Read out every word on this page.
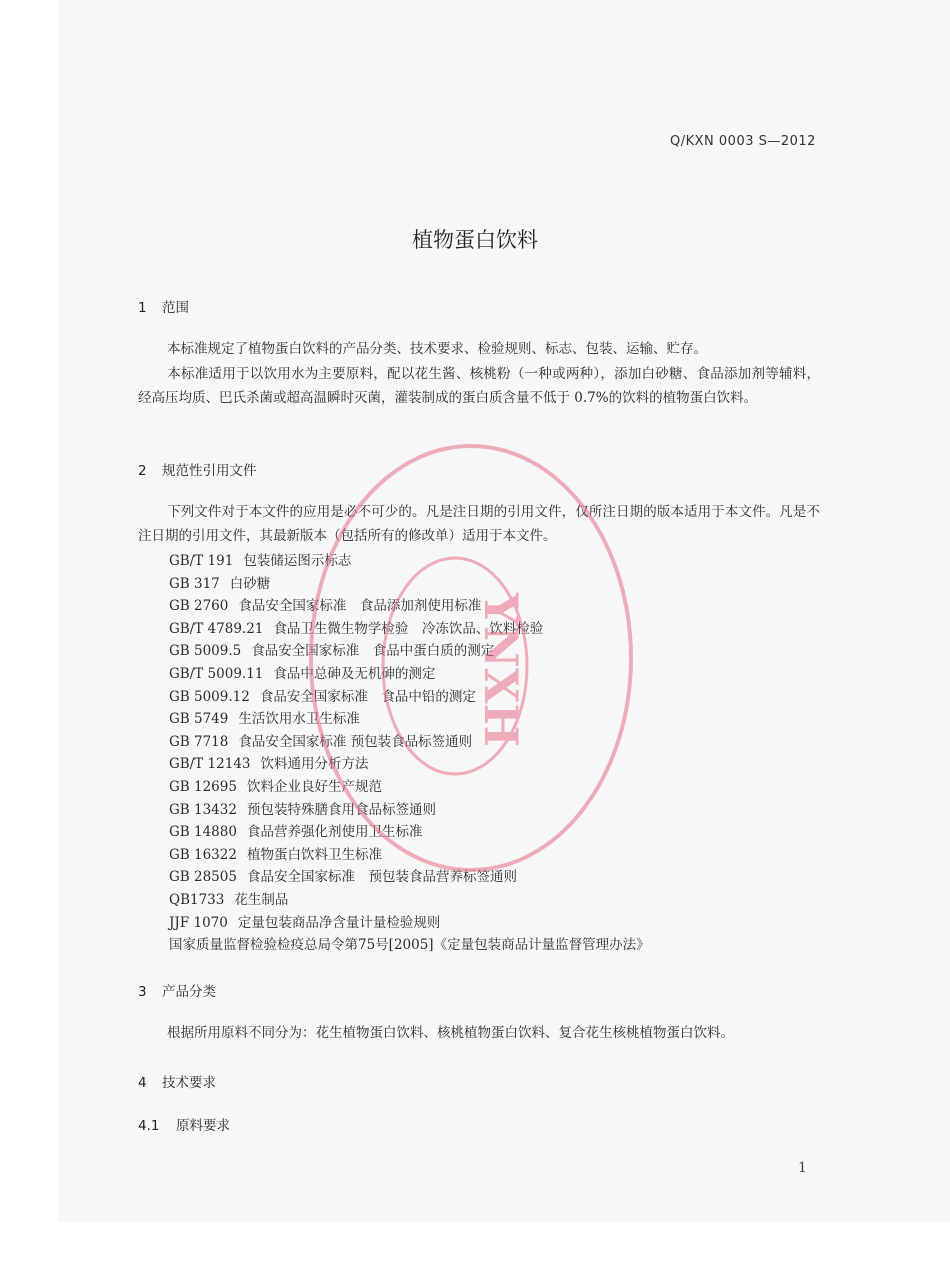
Q/KXN 0003 S—2012
植物蛋白饮料
1 范围
本标准规定了植物蛋白饮料的产品分类、技术要求、检验规则、标志、包装、运输、贮存。
本标准适用于以饮用水为主要原料，配以花生酱、核桃粉（一种或两种），添加白砂糖、食品添加剂等辅料，经高压均质、巴氏杀菌或超高温瞬时灭菌，灌装制成的蛋白质含量不低于 0.7%的饮料的植物蛋白饮料。
2 规范性引用文件
下列文件对于本文件的应用是必不可少的。凡是注日期的引用文件，仅所注日期的版本适用于本文件。凡是不注日期的引用文件，其最新版本（包括所有的修改单）适用于本文件。
GB/T 191 包装储运图示标志
GB 317 白砂糖
GB 2760 食品安全国家标准　食品添加剂使用标准
GB/T 4789.21 食品卫生微生物学检验　冷冻饮品、饮料检验
GB 5009.5 食品安全国家标准　食品中蛋白质的测定
GB/T 5009.11 食品中总砷及无机砷的测定
GB 5009.12 食品安全国家标准　食品中铅的测定
GB 5749 生活饮用水卫生标准
GB 7718 食品安全国家标准 预包装食品标签通则
GB/T 12143 饮料通用分析方法
GB 12695 饮料企业良好生产规范
GB 13432 预包装特殊膳食用食品标签通则
GB 14880 食品营养强化剂使用卫生标准
GB 16322 植物蛋白饮料卫生标准
GB 28505 食品安全国家标准　预包装食品营养标签通则
QB1733 花生制品
JJF 1070 定量包装商品净含量计量检验规则
国家质量监督检验检疫总局令第75号[2005]《定量包装商品计量监督管理办法》
3 产品分类
根据所用原料不同分为：花生植物蛋白饮料、核桃植物蛋白饮料、复合花生核桃植物蛋白饮料。
4 技术要求
4.1 原料要求
1
YNXH
